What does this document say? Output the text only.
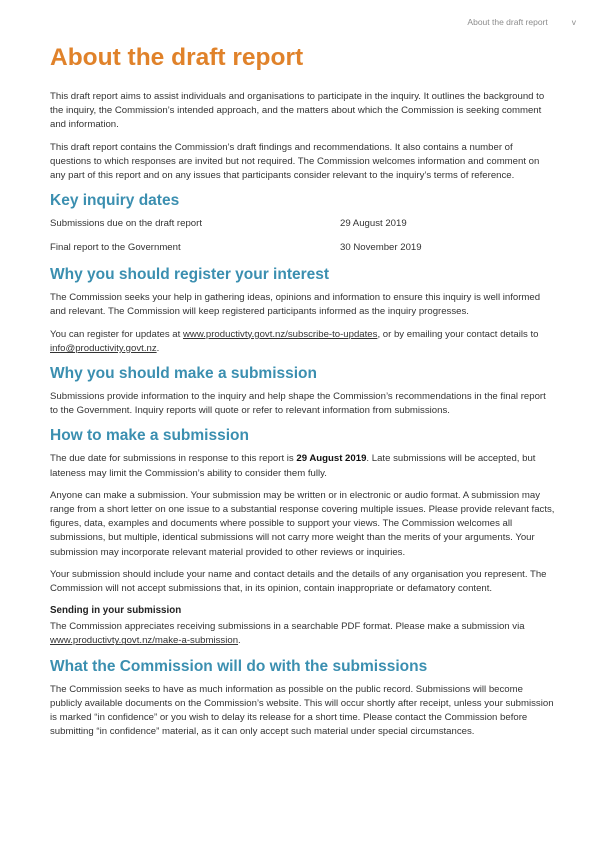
About the draft report	v
About the draft report

This draft report aims to assist individuals and organisations to participate in the inquiry. It outlines the background to the inquiry, the Commission’s intended approach, and the matters about which the Commission is seeking comment and information.

This draft report contains the Commission’s draft findings and recommendations. It also contains a number of questions to which responses are invited but not required. The Commission welcomes information and comment on any part of this report and on any issues that participants consider relevant to the inquiry’s terms of reference.

Key inquiry dates
Submissions due on the draft report	29 August 2019
Final report to the Government	30 November 2019
Why you should register your interest

The Commission seeks your help in gathering ideas, opinions and information to ensure this inquiry is well informed and relevant. The Commission will keep registered participants informed as the inquiry progresses.

You can register for updates at www.productivty.govt.nz/subscribe-to-updates, or by emailing your contact details to info@productivity.govt.nz.

Why you should make a submission

Submissions provide information to the inquiry and help shape the Commission’s recommendations in the final report to the Government. Inquiry reports will quote or refer to relevant information from submissions.

How to make a submission

The due date for submissions in response to this report is 29 August 2019. Late submissions will be accepted, but lateness may limit the Commission’s ability to consider them fully.

Anyone can make a submission. Your submission may be written or in electronic or audio format. A submission may range from a short letter on one issue to a substantial response covering multiple issues. Please provide relevant facts, figures, data, examples and documents where possible to support your views. The Commission welcomes all submissions, but multiple, identical submissions will not carry more weight than the merits of your arguments. Your submission may incorporate relevant material provided to other reviews or inquiries.

Your submission should include your name and contact details and the details of any organisation you represent. The Commission will not accept submissions that, in its opinion, contain inappropriate or defamatory content.

Sending in your submission

The Commission appreciates receiving submissions in a searchable PDF format. Please make a submission via www.productivty.govt.nz/make-a-submission.

What the Commission will do with the submissions

The Commission seeks to have as much information as possible on the public record. Submissions will become publicly available documents on the Commission’s website. This will occur shortly after receipt, unless your submission is marked “in confidence” or you wish to delay its release for a short time. Please contact the Commission before submitting “in confidence” material, as it can only accept such material under special circumstances.
